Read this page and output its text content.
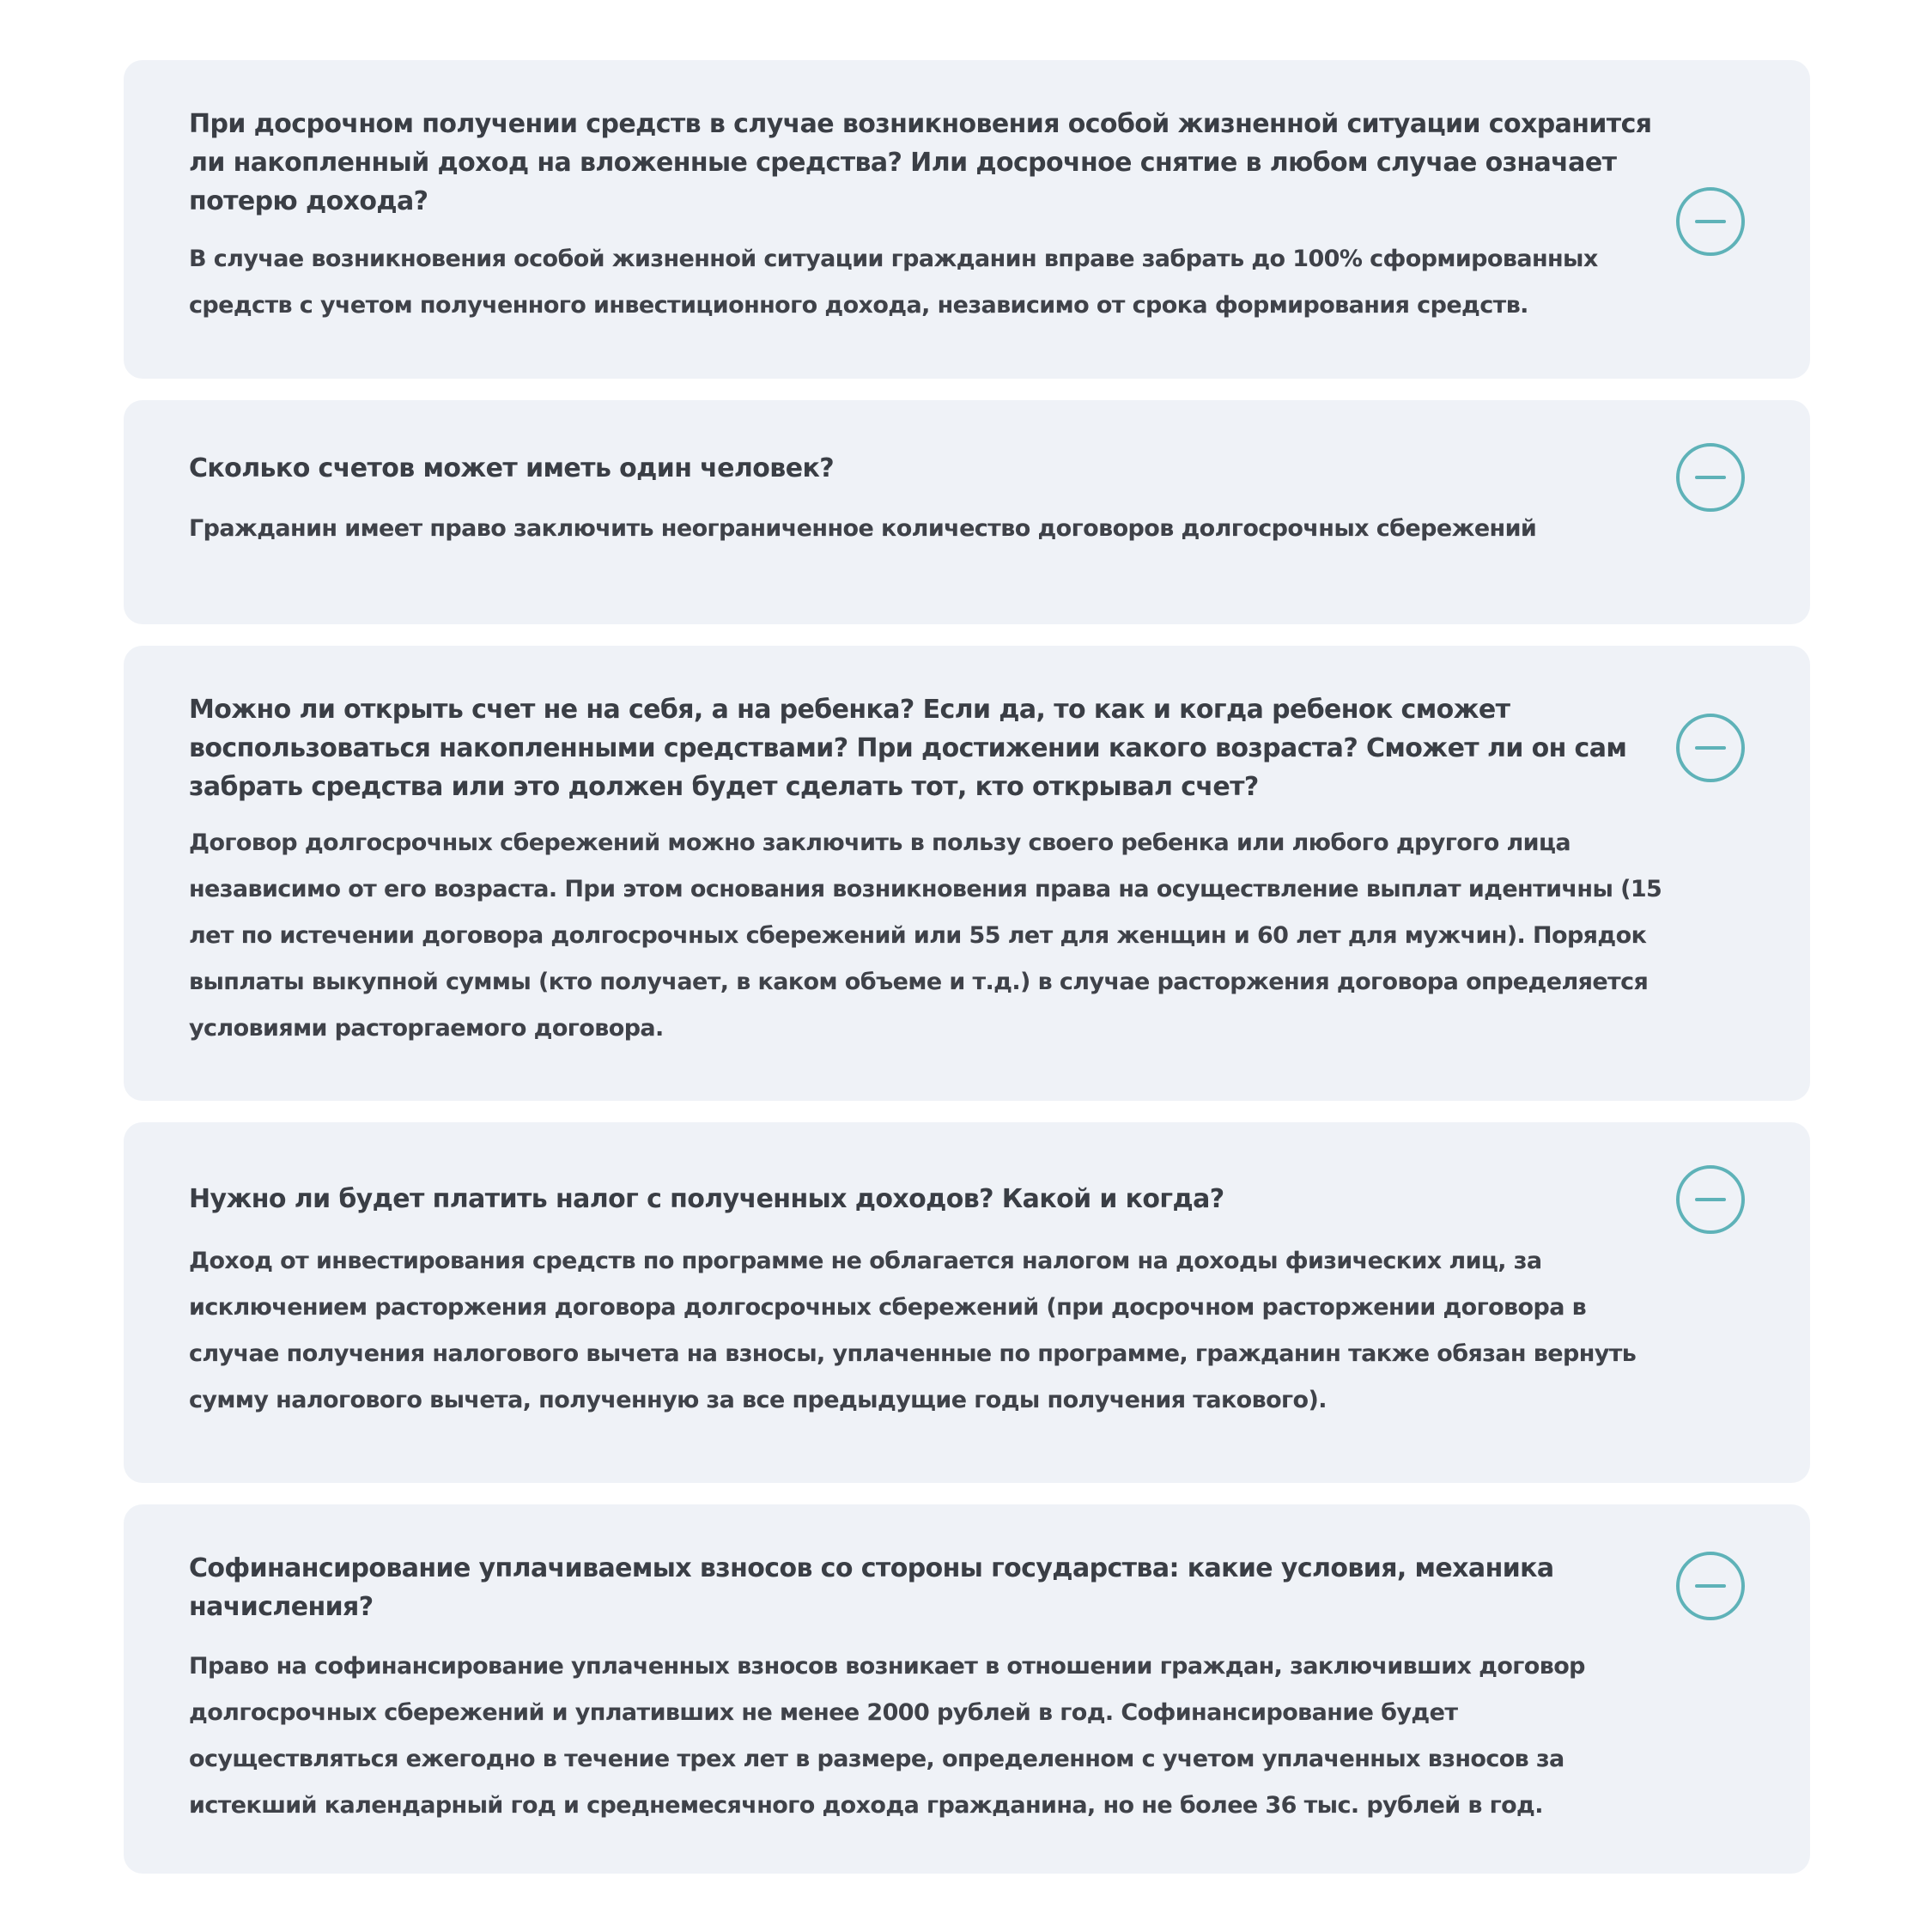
При досрочном получении средств в случае возникновения особой жизненной ситуации сохранится ли накопленный доход на вложенные средства? Или досрочное снятие в любом случае означает потерю дохода?

В случае возникновения особой жизненной ситуации гражданин вправе забрать до 100% сформированных средств с учетом полученного инвестиционного дохода, независимо от срока формирования средств.

Сколько счетов может иметь один человек?

Гражданин имеет право заключить неограниченное количество договоров долгосрочных сбережений

Можно ли открыть счет не на себя, а на ребенка? Если да, то как и когда ребенок сможет воспользоваться накопленными средствами? При достижении какого возраста? Сможет ли он сам забрать средства или это должен будет сделать тот, кто открывал счет?

Договор долгосрочных сбережений можно заключить в пользу своего ребенка или любого другого лица независимо от его возраста. При этом основания возникновения права на осуществление выплат идентичны (15 лет по истечении договора долгосрочных сбережений или 55 лет для женщин и 60 лет для мужчин). Порядок выплаты выкупной суммы (кто получает, в каком объеме и т.д.) в случае расторжения договора определяется условиями расторгаемого договора.

Нужно ли будет платить налог с полученных доходов? Какой и когда?

Доход от инвестирования средств по программе не облагается налогом на доходы физических лиц, за исключением расторжения договора долгосрочных сбережений (при досрочном расторжении договора в случае получения налогового вычета на взносы, уплаченные по программе, гражданин также обязан вернуть сумму налогового вычета, полученную за все предыдущие годы получения такового).

Софинансирование уплачиваемых взносов со стороны государства: какие условия, механика начисления?

Право на софинансирование уплаченных взносов возникает в отношении граждан, заключивших договор долгосрочных сбережений и уплативших не менее 2000 рублей в год. Софинансирование будет осуществляться ежегодно в течение трех лет в размере, определенном с учетом уплаченных взносов за истекший календарный год и среднемесячного дохода гражданина, но не более 36 тыс. рублей в год.
